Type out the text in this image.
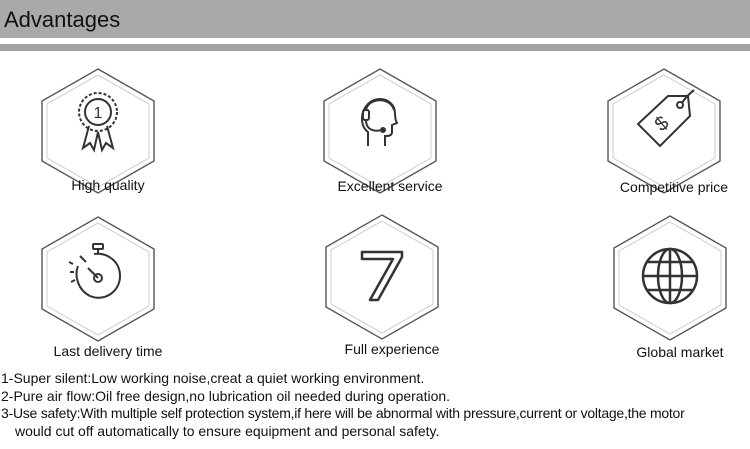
Advantages
1
High quality	Excellent service
$
Competitive price
Last delivery time	Full experience	Global market

1-Super silent:Low working noise,creat a quiet working environment.

2-Pure air flow:Oil free design,no lubrication oil needed during operation.

3-Use safety:With multiple self protection system,if here will be abnormal with pressure,current or voltage,the motor

would cut off automatically to ensure equipment and personal safety.
